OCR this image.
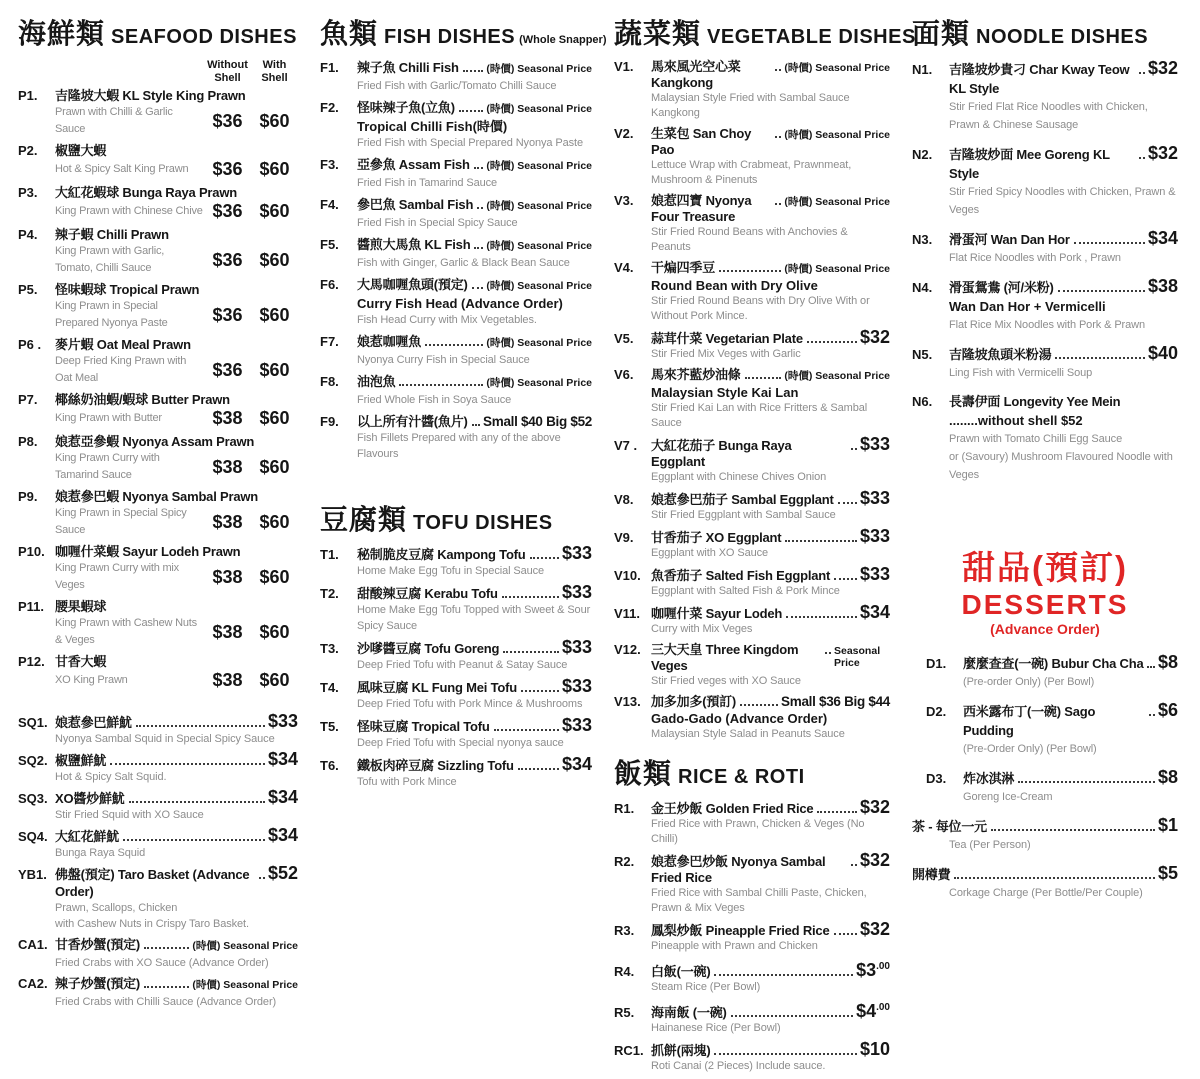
海鮮類 SEAFOOD DISHES
Without
Shell
With
Shell
P1.	吉隆坡大蝦 KL Style King Prawn
Prawn with Chilli & Garlic Sauce	$36 $60
P2.	椒鹽大蝦
Hot & Spicy Salt King Prawn	$36 $60
P3.	大紅花蝦球 Bunga Raya Prawn
King Prawn with Chinese Chive $36 $60
P4.	辣子蝦 Chilli Prawn
King Prawn with Garlic, Tomato, Chilli Sauce	$36 $60
P5.	怪味蝦球 Tropical Prawn
King Prawn in Special Prepared Nyonya Paste	$36 $60
P6 .	麥片蝦 Oat Meal Prawn
Deep Fried King Prawn with Oat Meal	$36 $60
P7.	椰絲奶油蝦/蝦球 Butter Prawn
King Prawn with Butter	$38 $60
P8.	娘惹亞參蝦 Nyonya Assam Prawn
King Prawn Curry with Tamarind Sauce	$38 $60
P9.	娘惹參巴蝦 Nyonya Sambal Prawn
King Prawn in Special Spicy Sauce	$38 $60
P10. 咖喱什菜蝦 Sayur Lodeh Prawn
King Prawn Curry with mix Veges	$38 $60
P11. 腰果蝦球
King Prawn with Cashew Nuts & Veges	$38 $60
P12. 甘香大蝦
XO King Prawn	$38 $60
SQ1. 娘惹參巴鮮魷	$33
Nyonya Sambal Squid in Special Spicy Sauce
SQ2. 椒鹽鮮魷	$34
Hot & Spicy Salt Squid.
SQ3. XO醬炒鮮魷	$34
Stir Fried Squid with XO Sauce
SQ4. 大紅花鮮魷	$34
Bunga Raya Squid
YB1. 佛盤(預定) Taro Basket (Advance Order)
$52
Prawn, Scallops, Chicken
with Cashew Nuts in Crispy Taro Basket.
CA1. 甘香炒蟹(預定)	(時價) Seasonal Price
Fried Crabs with XO Sauce (Advance Order)
CA2. 辣子炒蟹(預定)	(時價) Seasonal Price
Fried Crabs with Chilli Sauce (Advance Order)
魚類 FISH DISHES (Whole Snapper)
F1.	辣子魚 Chilli Fish	(時價) Seasonal Price
Fried Fish with Garlic/Tomato Chilli Sauce
F2.	怪味辣子魚(立魚)	(時價) Seasonal Price
Tropical Chilli Fish(時價)
Fried Fish with Special Prepared Nyonya Paste
F3.	亞參魚 Assam Fish (時價) Seasonal Price
Fried Fish in Tamarind Sauce
F4.	參巴魚 Sambal Fish (時價) Seasonal Price
Fried Fish in Special Spicy Sauce
F5.	醬煎大馬魚 KL Fish (時價) Seasonal Price
Fish with Ginger, Garlic & Black Bean Sauce
F6.	大馬咖喱魚頭(預定) (時價) Seasonal Price
Curry Fish Head (Advance Order)
Fish Head Curry with Mix Vegetables.
F7.	娘惹咖喱魚	(時價) Seasonal Price
Nyonya Curry Fish in Special Sauce
F8.	油泡魚	(時價) Seasonal Price
Fried Whole Fish in Soya Sauce
F9.	以上所有汁醬(魚片) Small $40 Big $52
Fish Fillets Prepared with any of the above Flavours
豆腐類 TOFU DISHES
T1.	秘制脆皮豆腐 Kampong Tofu $33
Home Make Egg Tofu in Special Sauce
T2.	甜酸辣豆腐 Kerabu Tofu	$33
Home Make Egg Tofu Topped with Sweet & Sour Spicy Sauce
T3.	沙嗲醬豆腐 Tofu Goreng	$33
Deep Fried Tofu with Peanut & Satay Sauce
T4.	風味豆腐 KL Fung Mei Tofu $33
Deep Fried Tofu with Pork Mince & Mushrooms
T5.	怪味豆腐 Tropical Tofu	$33
Deep Fried Tofu with Special nyonya sauce
T6.	鐵板肉碎豆腐 Sizzling Tofu	$34
Tofu with Pork Mince
蔬菜類 VEGETABLE DISHES
V1.	馬來風光空心菜 Kangkong
(時價) Seasonal Price
Malaysian Style Fried with Sambal Sauce Kangkong
V2.	生菜包 San Choy Pao
(時價) Seasonal Price
Lettuce Wrap with Crabmeat, Prawnmeat, Mushroom & Pinenuts
V3.	娘惹四寶 Nyonya Four Treasure
(時價) Seasonal Price
Stir Fried Round Beans with Anchovies & Peanuts
V4.	干煸四季豆	(時價) Seasonal Price
Round Bean with Dry Olive
Stir Fried Round Beans with Dry Olive With or Without Pork Mince.
V5.	蒜茸什菜 Vegetarian Plate	$32
Stir Fried Mix Veges with Garlic
V6.	馬來芥藍炒油條	(時價) Seasonal Price
Malaysian Style Kai Lan
Stir Fried Kai Lan with Rice Fritters & Sambal Sauce
V7 .	大紅花茄子 Bunga Raya Eggplant
$33
Eggplant with Chinese Chives Onion
V8.	娘惹參巴茄子 Sambal Eggplant $33
Stir Fried Eggplant with Sambal Sauce
V9.	甘香茄子 XO Eggplant	$33
Eggplant with XO Sauce
V10. 魚香茄子 Salted Fish Eggplant $33
Eggplant with Salted Fish & Pork Mince
V11. 咖喱什菜 Sayur Lodeh	$34
Curry with Mix Veges
V12. 三大天皇 Three Kingdom Veges
Seasonal Price
Stir Fried veges with XO Sauce
V13. 加多加多(預訂)	Small $36 Big $44
Gado-Gado (Advance Order)
Malaysian Style Salad in Peanuts Sauce
飯類 RICE & ROTI
R1.	金王炒飯 Golden Fried Rice	$32
Fried Rice with Prawn, Chicken & Veges (No Chilli)
R2.	娘惹參巴炒飯 Nyonya Sambal Fried Rice
$32
Fried Rice with Sambal Chilli Paste, Chicken, Prawn & Mix Veges
R3.	鳳梨炒飯 Pineapple Fried Rice $32
Pineapple with Prawn and Chicken
R4.	白飯(一碗)	$\$3^{.00}$
Steam Rice (Per Bowl)
R5.	海南飯 (一碗)	$\$4^{.00}$
Hainanese Rice (Per Bowl)
RC1. 抓餅(兩塊)	$10
Roti Canai (2 Pieces) Include sauce.
面類 NOODLE DISHES
N1.	吉隆坡炒貴刁 Char Kway Teow KL Style
$32
Stir Fried Flat Rice Noodles with Chicken,
Prawn & Chinese Sausage
N2.	吉隆坡炒面 Mee Goreng KL Style
$32
Stir Fried Spicy Noodles with Chicken, Prawn & Veges
N3.	滑蛋河 Wan Dan Hor	$34
Flat Rice Noodles with Pork , Prawn
N4.	滑蛋鴛鴦 (河/米粉)	$38
Wan Dan Hor + Vermicelli
Flat Rice Mix Noodles with Pork & Prawn
N5.	吉隆坡魚頭米粉湯	$40
Ling Fish with Vermicelli Soup
N6.	長壽伊面 Longevity Yee Mein
........without shell $52
Prawn with Tomato Chilli Egg Sauce
or (Savoury) Mushroom Flavoured Noodle with Veges
甜品(預訂)
DESSERTS
(Advance Order)
D1.	麼麼查查(一碗) Bubur Cha Cha $8
(Pre-order Only) (Per Bowl)
D2.	西米露布丁(一碗) Sago Pudding
$6
(Pre-Order Only) (Per Bowl)
D3.	炸冰淇淋	$8
Goreng Ice-Cream
茶 - 每位一元	$1
Tea (Per Person)
開樽費	$5
Corkage Charge (Per Bottle/Per Couple)
